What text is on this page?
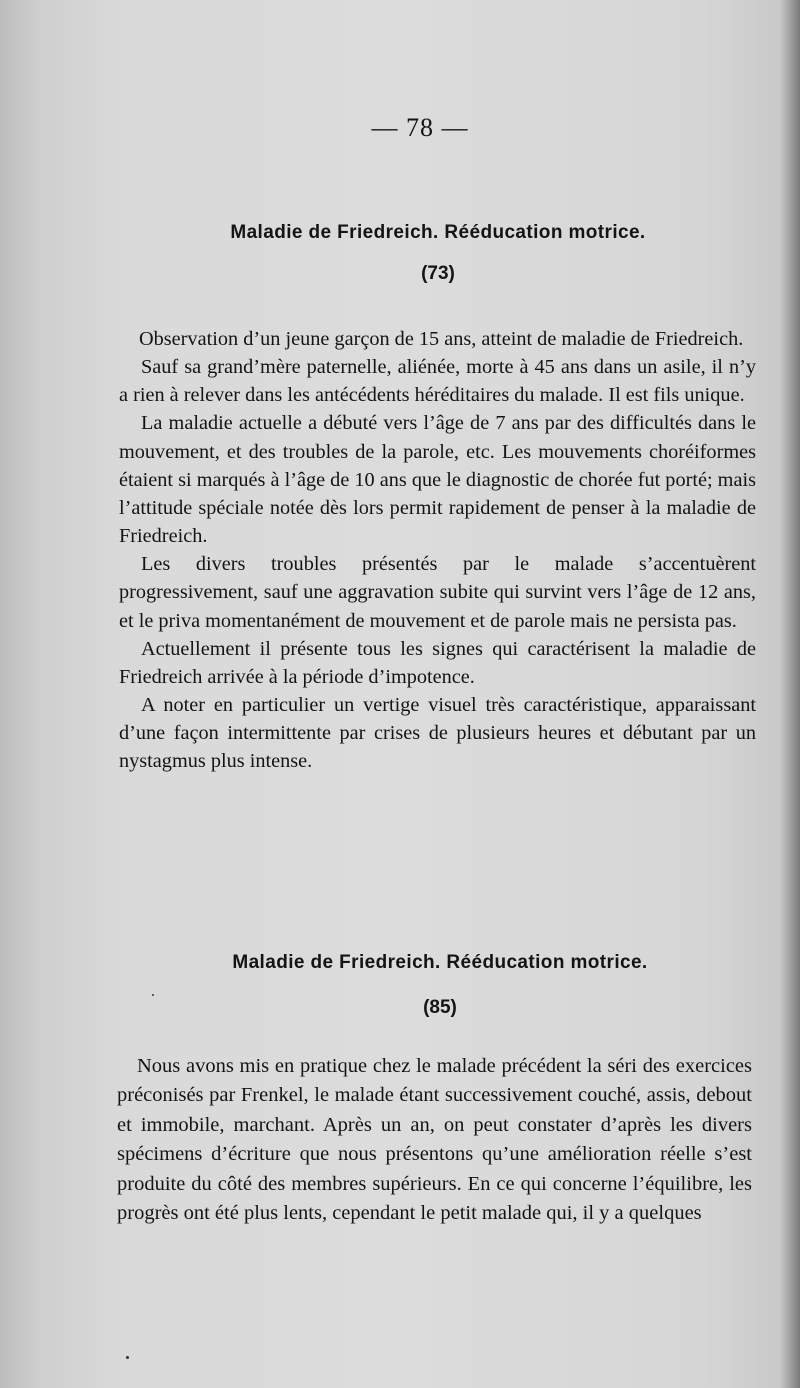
— 78 —
Maladie de Friedreich. Rééducation motrice.
(73)

Observation d’un jeune garçon de 15 ans, atteint de maladie de Friedreich.

Sauf sa grand’mère paternelle, aliénée, morte à 45 ans dans un asile, il n’y a rien à relever dans les antécédents héréditaires du malade. Il est fils unique.

La maladie actuelle a débuté vers l’âge de 7 ans par des difficultés dans le mouvement, et des troubles de la parole, etc. Les mouvements choréiformes étaient si marqués à l’âge de 10 ans que le diagnostic de chorée fut porté; mais l’attitude spéciale notée dès lors permit rapidement de penser à la maladie de Friedreich.

Les divers troubles présentés par le malade s’accentuèrent progressivement, sauf une aggravation subite qui survint vers l’âge de 12 ans, et le priva momentanément de mouvement et de parole mais ne persista pas.

Actuellement il présente tous les signes qui caractérisent la maladie de Friedreich arrivée à la période d’impotence.

A noter en particulier un vertige visuel très caractéristique, apparaissant d’une façon intermittente par crises de plusieurs heures et débutant par un nystagmus plus intense.

Maladie de Friedreich. Rééducation motrice.
(85)

Nous avons mis en pratique chez le malade précédent la séri des exercices préconisés par Frenkel, le malade étant successivement couché, assis, debout et immobile, marchant. Après un an, on peut constater d’après les divers spécimens d’écriture que nous présentons qu’une amélioration réelle s’est produite du côté des membres supérieurs. En ce qui concerne l’équilibre, les progrès ont été plus lents, cependant le petit malade qui, il y a quelques
